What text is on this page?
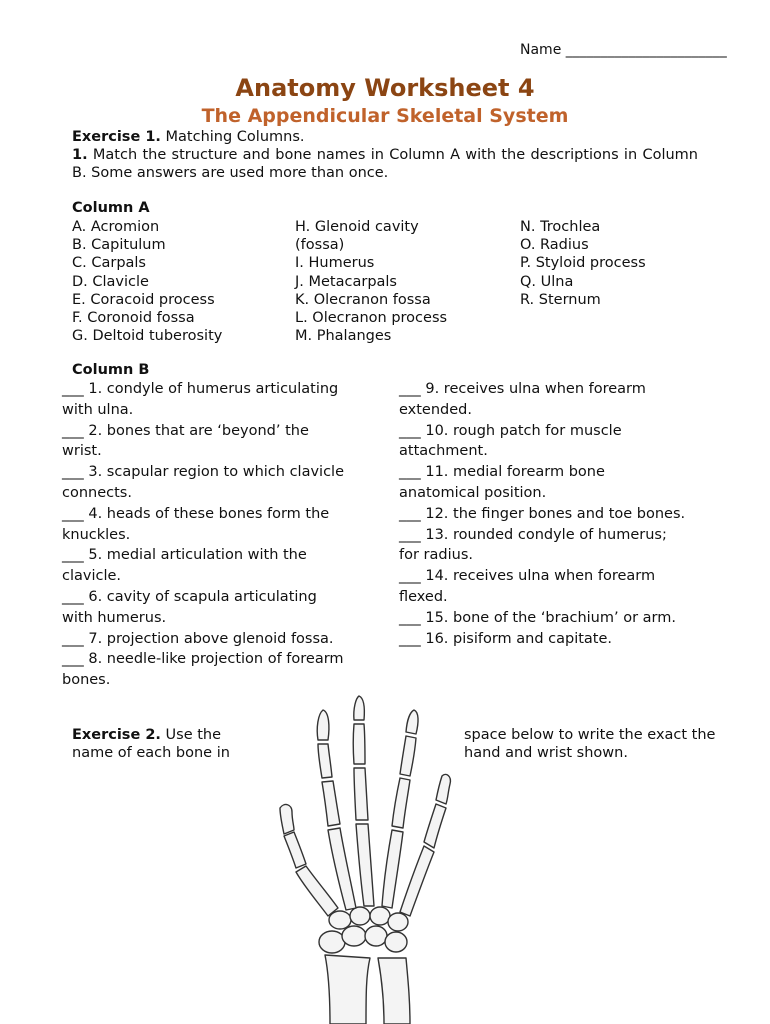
Name _______________________
Anatomy Worksheet 4
The Appendicular Skeletal System
Exercise 1. Matching Columns.
1. Match the structure and bone names in Column A with the descriptions in Column B. Some answers are used more than once.
Column A
A. Acromion
B. Capitulum
C. Carpals
D. Clavicle
E. Coracoid process
F. Coronoid fossa
G. Deltoid tuberosity
H. Glenoid cavity
(fossa)
I. Humerus
J. Metacarpals
K. Olecranon fossa
L. Olecranon process
M. Phalanges
N. Trochlea
O. Radius
P. Styloid process
Q. Ulna
R. Sternum
Column B
___ 1. condyle of humerus articulating
with ulna.
___ 2. bones that are ‘beyond’ the
wrist.
___ 3. scapular region to which clavicle
connects.
___ 4. heads of these bones form the
knuckles.
___ 5. medial articulation with the
clavicle.
___ 6. cavity of scapula articulating
with humerus.
___ 7. projection above glenoid fossa.
___ 8. needle-like projection of forearm
bones.
___ 9. receives ulna when forearm
extended.
___ 10. rough patch for muscle
attachment.
___ 11. medial forearm bone
anatomical position.
___ 12. the finger bones and toe bones.
___ 13. rounded condyle of humerus;
for radius.
___ 14. receives ulna when forearm
flexed.
___ 15. bone of the ‘brachium’ or arm.
___ 16. pisiform and capitate.
Exercise 2. Use the name of each bone in
space below to write the exact the hand and wrist shown.
